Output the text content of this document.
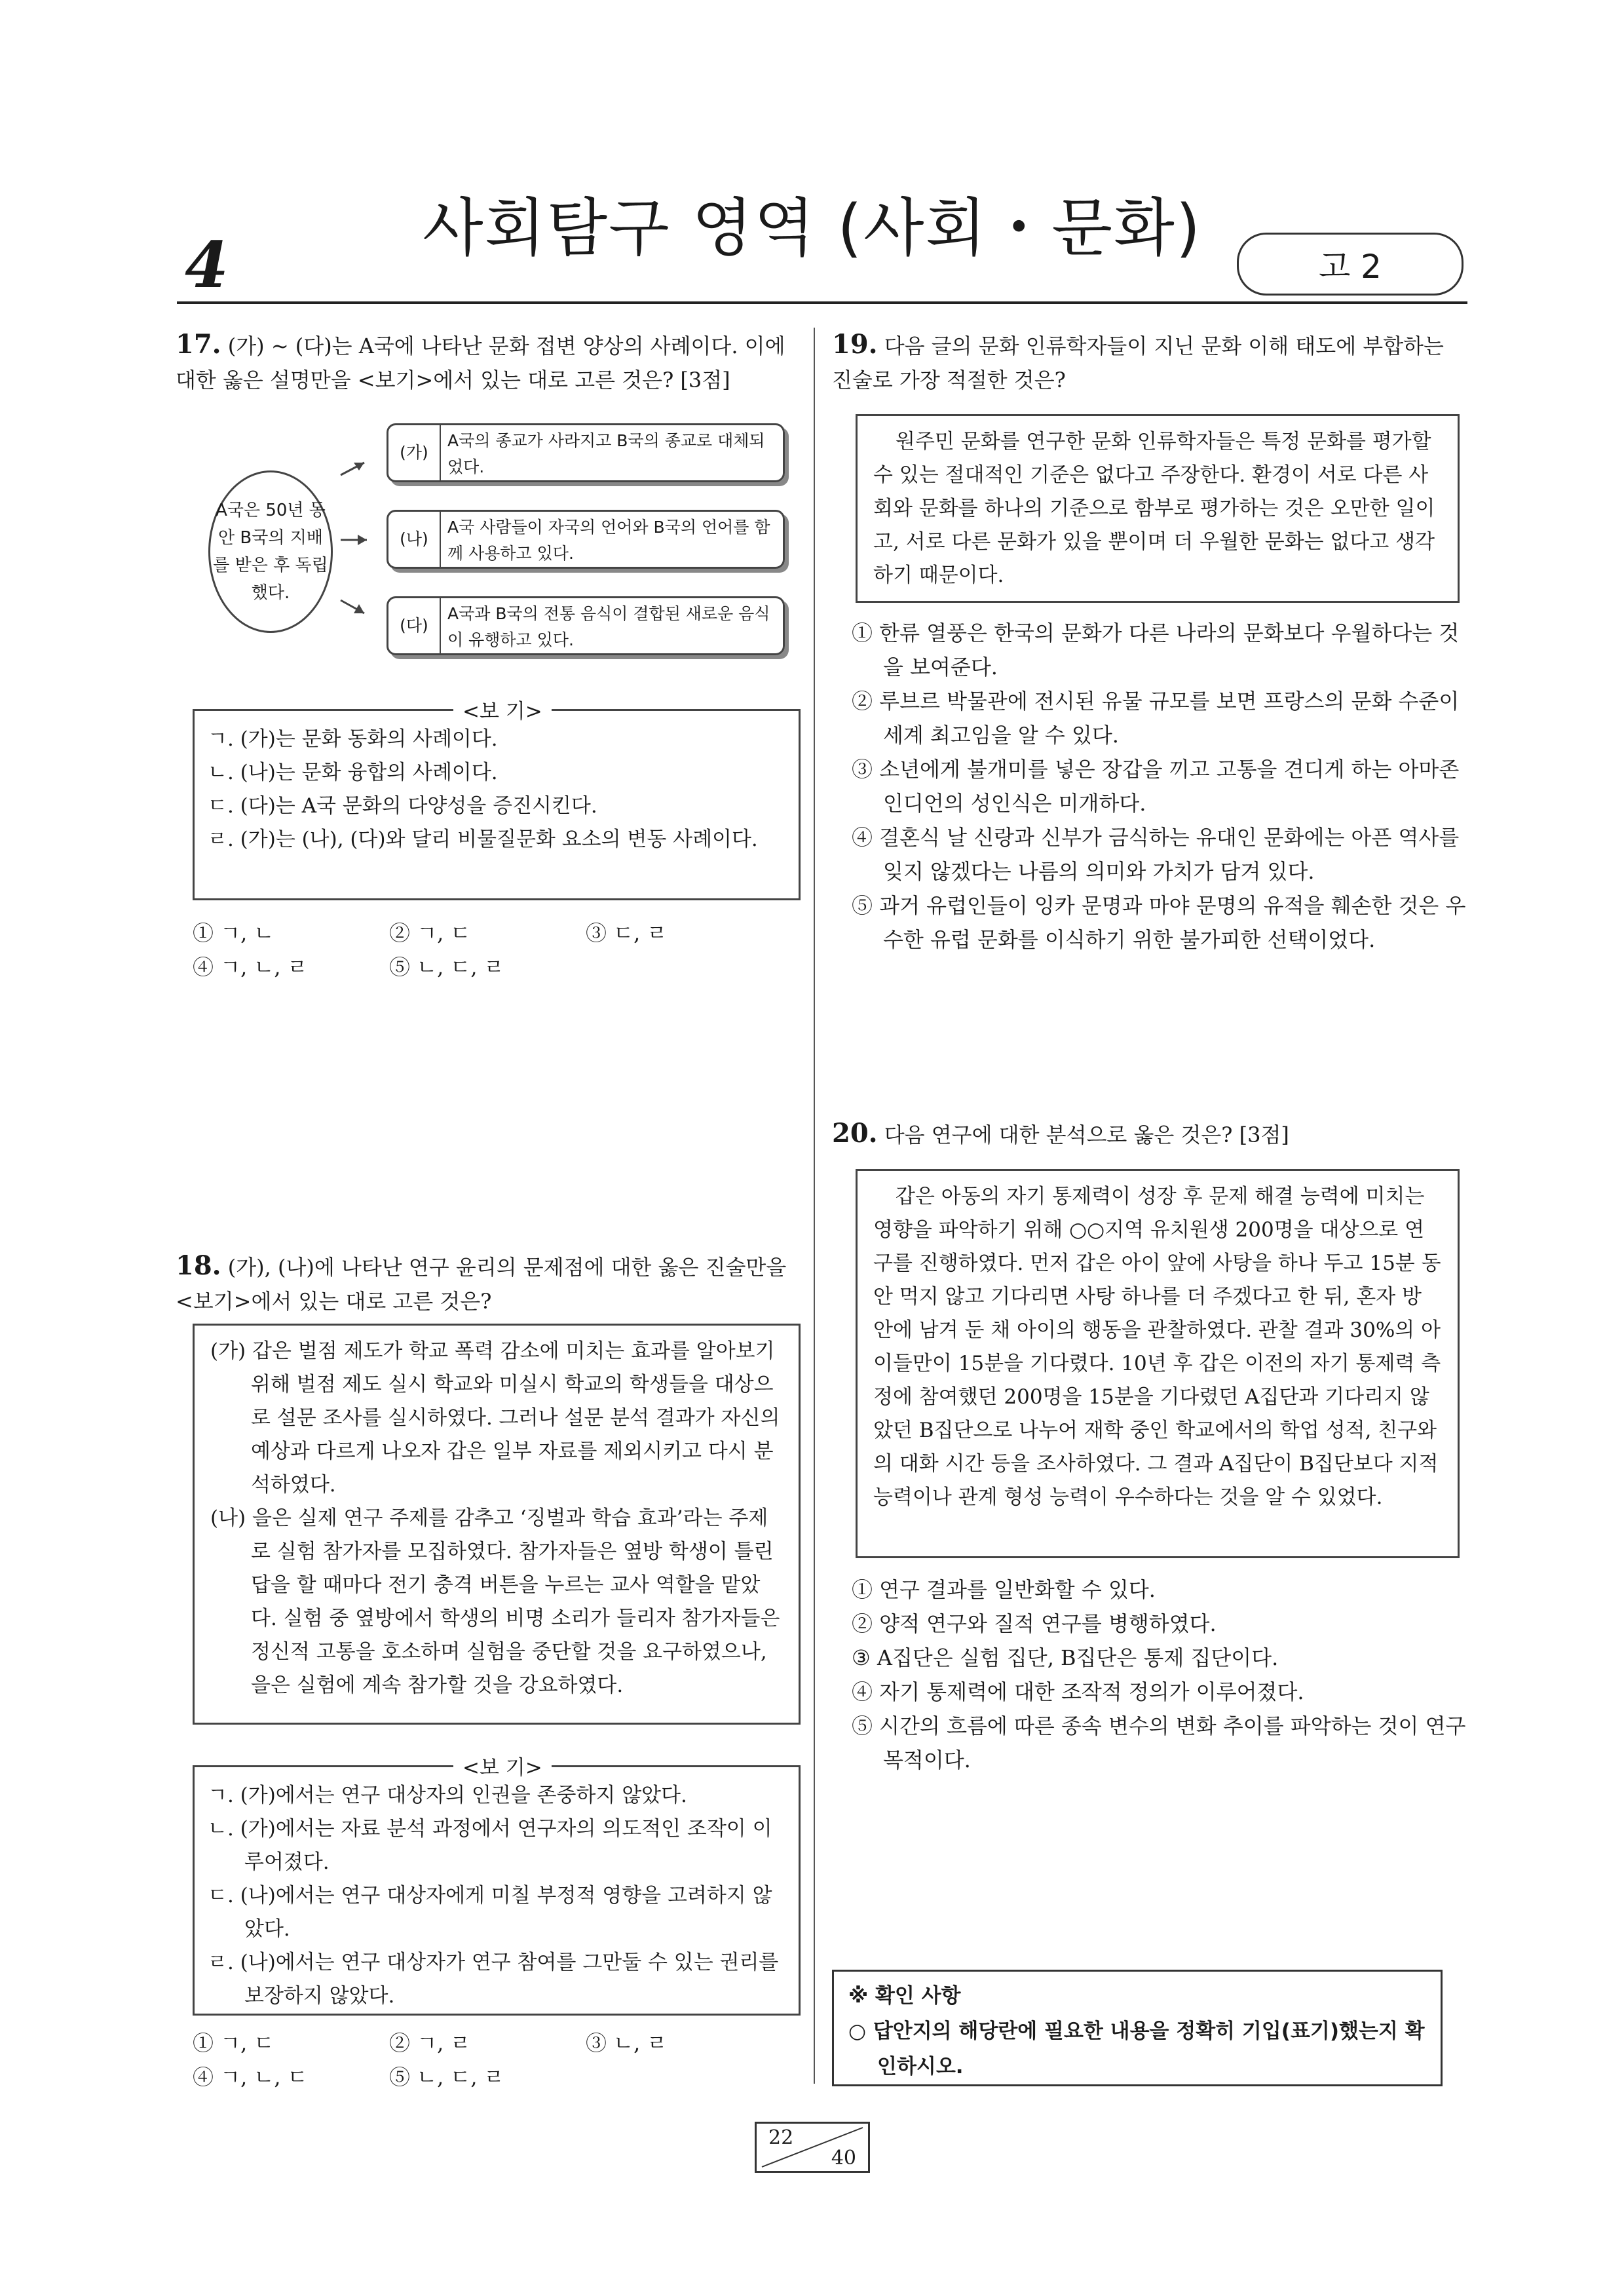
4	사회탐구 영역 (사회・문화)
고 2
17. (가) ~ (다)는 A국에 나타난 문화 접변 양상의 사례이다. 이에 대한 옳은 설명만을 <보기>에서 있는 대로 고른 것은? [3점]
A국은 50년 동안 B국의 지배를 받은 후 독립했다.
(가)
A국의 종교가 사라지고 B국의 종교로 대체되었다.
(나)
A국 사람들이 자국의 언어와 B국의 언어를 함께 사용하고 있다.
(다)
A국과 B국의 전통 음식이 결합된 새로운 음식이 유행하고 있다.
ㄱ. (가)는 문화 동화의 사례이다.
ㄴ. (나)는 문화 융합의 사례이다.
ㄷ. (다)는 A국 문화의 다양성을 증진시킨다.
ㄹ. (가)는 (나), (다)와 달리 비물질문화 요소의 변동 사례이다.
<보 기>
① ㄱ, ㄴ	② ㄱ, ㄷ	③ ㄷ, ㄹ
④ ㄱ, ㄴ, ㄹ	⑤ ㄴ, ㄷ, ㄹ
18. (가), (나)에 나타난 연구 윤리의 문제점에 대한 옳은 진술만을 <보기>에서 있는 대로 고른 것은?
(가) 갑은 벌점 제도가 학교 폭력 감소에 미치는 효과를 알아보기 위해 벌점 제도 실시 학교와 미실시 학교의 학생들을 대상으로 설문 조사를 실시하였다. 그러나 설문 분석 결과가 자신의 예상과 다르게 나오자 갑은 일부 자료를 제외시키고 다시 분석하였다.
(나) 을은 실제 연구 주제를 감추고 ‘징벌과 학습 효과’라는 주제로 실험 참가자를 모집하였다. 참가자들은 옆방 학생이 틀린 답을 할 때마다 전기 충격 버튼을 누르는 교사 역할을 맡았다. 실험 중 옆방에서 학생의 비명 소리가 들리자 참가자들은 정신적 고통을 호소하며 실험을 중단할 것을 요구하였으나, 을은 실험에 계속 참가할 것을 강요하였다.
ㄱ. (가)에서는 연구 대상자의 인권을 존중하지 않았다.
ㄴ. (가)에서는 자료 분석 과정에서 연구자의 의도적인 조작이 이루어졌다.
ㄷ. (나)에서는 연구 대상자에게 미칠 부정적 영향을 고려하지 않았다.
ㄹ. (나)에서는 연구 대상자가 연구 참여를 그만둘 수 있는 권리를 보장하지 않았다.
<보 기>
① ㄱ, ㄷ	② ㄱ, ㄹ	③ ㄴ, ㄹ
④ ㄱ, ㄴ, ㄷ	⑤ ㄴ, ㄷ, ㄹ
19. 다음 글의 문화 인류학자들이 지닌 문화 이해 태도에 부합하는 진술로 가장 적절한 것은?
원주민 문화를 연구한 문화 인류학자들은 특정 문화를 평가할 수 있는 절대적인 기준은 없다고 주장한다. 환경이 서로 다른 사회와 문화를 하나의 기준으로 함부로 평가하는 것은 오만한 일이고, 서로 다른 문화가 있을 뿐이며 더 우월한 문화는 없다고 생각하기 때문이다.
① 한류 열풍은 한국의 문화가 다른 나라의 문화보다 우월하다는 것을 보여준다.
② 루브르 박물관에 전시된 유물 규모를 보면 프랑스의 문화 수준이 세계 최고임을 알 수 있다.
③ 소년에게 불개미를 넣은 장갑을 끼고 고통을 견디게 하는 아마존 인디언의 성인식은 미개하다.
④ 결혼식 날 신랑과 신부가 금식하는 유대인 문화에는 아픈 역사를 잊지 않겠다는 나름의 의미와 가치가 담겨 있다.
⑤ 과거 유럽인들이 잉카 문명과 마야 문명의 유적을 훼손한 것은 우수한 유럽 문화를 이식하기 위한 불가피한 선택이었다.
20. 다음 연구에 대한 분석으로 옳은 것은? [3점]
갑은 아동의 자기 통제력이 성장 후 문제 해결 능력에 미치는 영향을 파악하기 위해 ○○지역 유치원생 200명을 대상으로 연구를 진행하였다. 먼저 갑은 아이 앞에 사탕을 하나 두고 15분 동안 먹지 않고 기다리면 사탕 하나를 더 주겠다고 한 뒤, 혼자 방 안에 남겨 둔 채 아이의 행동을 관찰하였다. 관찰 결과 30%의 아이들만이 15분을 기다렸다. 10년 후 갑은 이전의 자기 통제력 측정에 참여했던 200명을 15분을 기다렸던 A집단과 기다리지 않았던 B집단으로 나누어 재학 중인 학교에서의 학업 성적, 친구와의 대화 시간 등을 조사하였다. 그 결과 A집단이 B집단보다 지적 능력이나 관계 형성 능력이 우수하다는 것을 알 수 있었다.
① 연구 결과를 일반화할 수 있다.
② 양적 연구와 질적 연구를 병행하였다.
③ A집단은 실험 집단, B집단은 통제 집단이다.
④ 자기 통제력에 대한 조작적 정의가 이루어졌다.
⑤ 시간의 흐름에 따른 종속 변수의 변화 추이를 파악하는 것이 연구 목적이다.
※ 확인 사항
○ 답안지의 해당란에 필요한 내용을 정확히 기입(표기)했는지 확인하시오.
22
40
